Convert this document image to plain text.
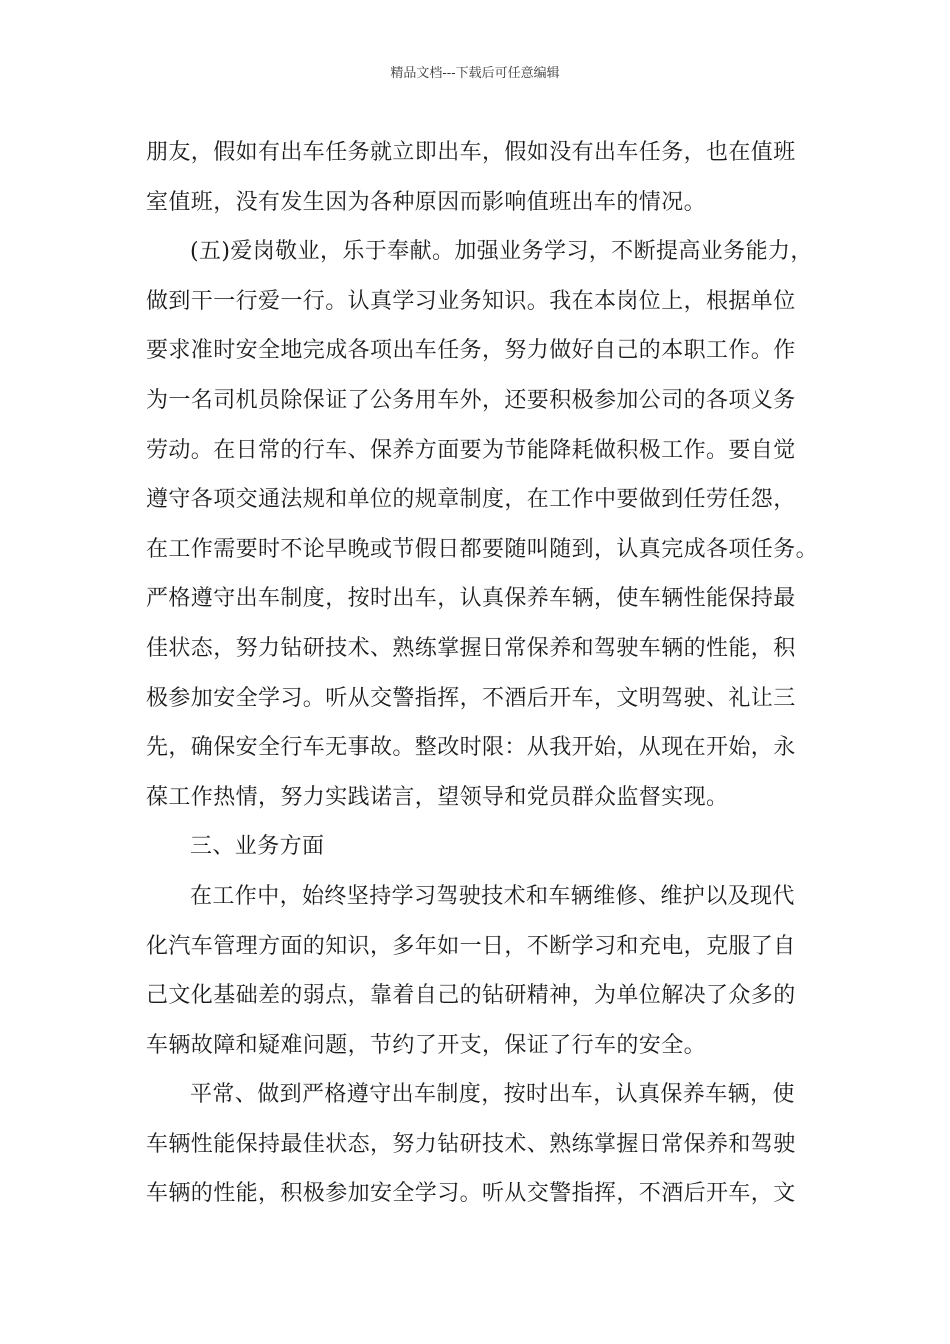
精品文档---下载后可任意编辑
朋友，假如有出车任务就立即出车，假如没有出车任务，也在值班
室值班，没有发生因为各种原因而影响值班出车的情况。
(五)爱岗敬业，乐于奉献。加强业务学习，不断提高业务能力，
做到干一行爱一行。认真学习业务知识。我在本岗位上，根据单位
要求准时安全地完成各项出车任务，努力做好自己的本职工作。作
为一名司机员除保证了公务用车外，还要积极参加公司的各项义务
劳动。在日常的行车、保养方面要为节能降耗做积极工作。要自觉
遵守各项交通法规和单位的规章制度，在工作中要做到任劳任怨，
在工作需要时不论早晚或节假日都要随叫随到，认真完成各项任务。
严格遵守出车制度，按时出车，认真保养车辆，使车辆性能保持最
佳状态，努力钻研技术、熟练掌握日常保养和驾驶车辆的性能，积
极参加安全学习。听从交警指挥，不酒后开车，文明驾驶、礼让三
先，确保安全行车无事故。整改时限：从我开始，从现在开始，永
葆工作热情，努力实践诺言，望领导和党员群众监督实现。
三、业务方面
在工作中，始终坚持学习驾驶技术和车辆维修、维护以及现代
化汽车管理方面的知识，多年如一日，不断学习和充电，克服了自
己文化基础差的弱点，靠着自己的钻研精神，为单位解决了众多的
车辆故障和疑难问题，节约了开支，保证了行车的安全。
平常、做到严格遵守出车制度，按时出车，认真保养车辆，使
车辆性能保持最佳状态，努力钻研技术、熟练掌握日常保养和驾驶
车辆的性能，积极参加安全学习。听从交警指挥，不酒后开车，文
